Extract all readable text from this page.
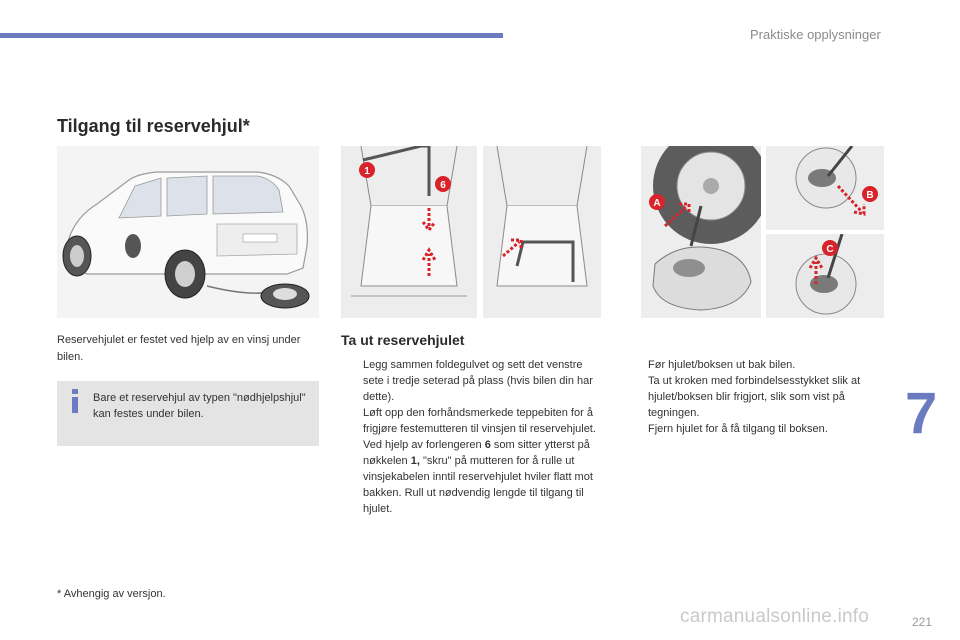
Praktiske opplysninger
Tilgang til reservehjul*
1
6
A
B
C
Reservehjulet er festet ved hjelp av en vinsj under bilen.
Bare et reservehjul av typen "nødhjelpshjul" kan festes under bilen.
Ta ut reservehjulet
Legg sammen foldegulvet og sett det venstre sete i tredje seterad på plass (hvis bilen din har dette).
Løft opp den forhåndsmerkede teppebiten for å frigjøre festemutteren til vinsjen til reservehjulet.
Ved hjelp av forlengeren 6 som sitter ytterst på nøkkelen 1, "skru" på mutteren for å rulle ut vinsjekabelen inntil reservehjulet hviler flatt mot bakken. Rull ut nødvendig lengde til tilgang til hjulet.
Før hjulet/boksen ut bak bilen.
Ta ut kroken med forbindelsesstykket slik at hjulet/boksen blir frigjort, slik som vist på tegningen.
Fjern hjulet for å få tilgang til boksen.	7
* Avhengig av versjon.
carmanualsonline.info	221
